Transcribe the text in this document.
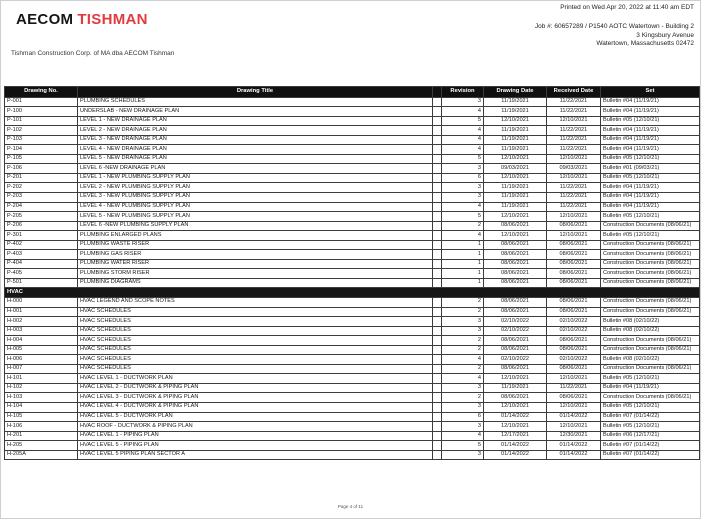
Printed on Wed Apr 20, 2022 at 11:40 am EDT
AECOM TISHMAN	Job #: 60657289 / P1540 AOTC Watertown - Building 2
3 Kingsbury Avenue
Watertown, Massachusetts 02472
Tishman Construction Corp. of MA dba AECOM Tishman
Drawing No.	Drawing Title		Revision	Drawing Date	Received Date	Set
P-001	PLUMBING SCHEDULES		3	11/19/2021	11/22/2021	Bulletin #04 (11/19/21)
P-100	UNDERSLAB - NEW DRAINAGE PLAN		4	11/19/2021	11/22/2021	Bulletin #04 (11/19/21)
P-101	LEVEL 1 - NEW DRAINAGE PLAN		5	12/10/2021	12/10/2021	Bulletin #05 (12/10/21)
P-102	LEVEL 2 - NEW DRAINAGE PLAN		4	11/19/2021	11/22/2021	Bulletin #04 (11/19/21)
P-103	LEVEL 3 - NEW DRAINAGE PLAN		4	11/19/2021	11/22/2021	Bulletin #04 (11/19/21)
P-104	LEVEL 4 - NEW DRAINAGE PLAN		4	11/19/2021	11/22/2021	Bulletin #04 (11/19/21)
P-105	LEVEL 5 - NEW DRAINAGE PLAN		5	12/10/2021	12/10/2021	Bulletin #05 (12/10/21)
P-106	LEVEL 6 -NEW DRAINAGE PLAN		3	09/03/2021	09/03/2021	Bulletin #01 (09/03/21)
P-201	LEVEL 1 - NEW PLUMBING SUPPLY PLAN		6	12/10/2021	12/10/2021	Bulletin #05 (12/10/21)
P-202	LEVEL 2 - NEW PLUMBING SUPPLY PLAN		3	11/19/2021	11/22/2021	Bulletin #04 (11/19/21)
P-203	LEVEL 3 - NEW PLUMBING SUPPLY PLAN		3	11/19/2021	11/22/2021	Bulletin #04 (11/19/21)
P-204	LEVEL 4 - NEW PLUMBING SUPPLY PLAN		4	11/19/2021	11/22/2021	Bulletin #04 (11/19/21)
P-205	LEVEL 5 - NEW PLUMBING SUPPLY PLAN		5	12/10/2021	12/10/2021	Bulletin #05 (12/10/21)
P-206	LEVEL 6 -NEW PLUMBING SUPPLY PLAN		2	08/06/2021	08/06/2021	Construction Documents (08/06/21)
P-301	PLUMBING ENLARGED PLANS		4	12/10/2021	12/10/2021	Bulletin #05 (12/10/21)
P-402	PLUMBING WASTE RISER		1	08/06/2021	08/06/2021	Construction Documents (08/06/21)
P-403	PLUMBING GAS RISER		1	08/06/2021	08/06/2021	Construction Documents (08/06/21)
P-404	PLUMBING WATER RISER		1	08/06/2021	08/06/2021	Construction Documents (08/06/21)
P-405	PLUMBING STORM RISER		1	08/06/2021	08/06/2021	Construction Documents (08/06/21)
P-501	PLUMBING DIAGRAMS		1	08/06/2021	08/06/2021	Construction Documents (08/06/21)
HVAC						
H-000	HVAC LEGEND AND SCOPE NOTES		2	08/06/2021	08/06/2021	Construction Documents (08/06/21)
H-001	HVAC SCHEDULES		2	08/06/2021	08/06/2021	Construction Documents (08/06/21)
H-002	HVAC SCHEDULES		3	02/10/2022	02/10/2022	Bulletin #08 (02/10/22)
H-003	HVAC SCHEDULES		3	02/10/2022	02/10/2022	Bulletin #08 (02/10/22)
H-004	HVAC SCHEDULES		2	08/06/2021	08/06/2021	Construction Documents (08/06/21)
H-005	HVAC SCHEDULES		2	08/06/2021	08/06/2021	Construction Documents (08/06/21)
H-006	HVAC SCHEDULES		4	02/10/2022	02/10/2022	Bulletin #08 (02/10/22)
H-007	HVAC SCHEDULES		2	08/06/2021	08/06/2021	Construction Documents (08/06/21)
H-101	HVAC LEVEL 1 - DUCTWORK PLAN		4	12/10/2021	12/10/2021	Bulletin #05 (12/10/21)
H-102	HVAC LEVEL 2 - DUCTWORK & PIPING PLAN		3	11/19/2021	11/22/2021	Bulletin #04 (11/19/21)
H-103	HVAC LEVEL 3 - DUCTWORK & PIPING PLAN		2	08/06/2021	08/06/2021	Construction Documents (08/06/21)
H-104	HVAC LEVEL 4 - DUCTWORK & PIPING PLAN		3	12/10/2021	12/10/2021	Bulletin #05 (12/10/21)
H-105	HVAC LEVEL 5 - DUCTWORK PLAN		6	01/14/2022	01/14/2022	Bulletin #07 (01/14/22)
H-106	HVAC ROOF - DUCTWORK & PIPING PLAN		3	12/10/2021	12/10/2021	Bulletin #05 (12/10/21)
H-201	HVAC LEVEL 1 - PIPING PLAN		4	12/17/2021	12/30/2021	Bulletin #06 (12/17/21)
H-205	HVAC LEVEL 5 - PIPING PLAN		5	01/14/2022	01/14/2022	Bulletin #07 (01/14/22)
H-205A	HVAC LEVEL 5 PIPING PLAN SECTOR A		3	01/14/2022	01/14/2022	Bulletin #07 (01/14/22)
Page 4 of 11
